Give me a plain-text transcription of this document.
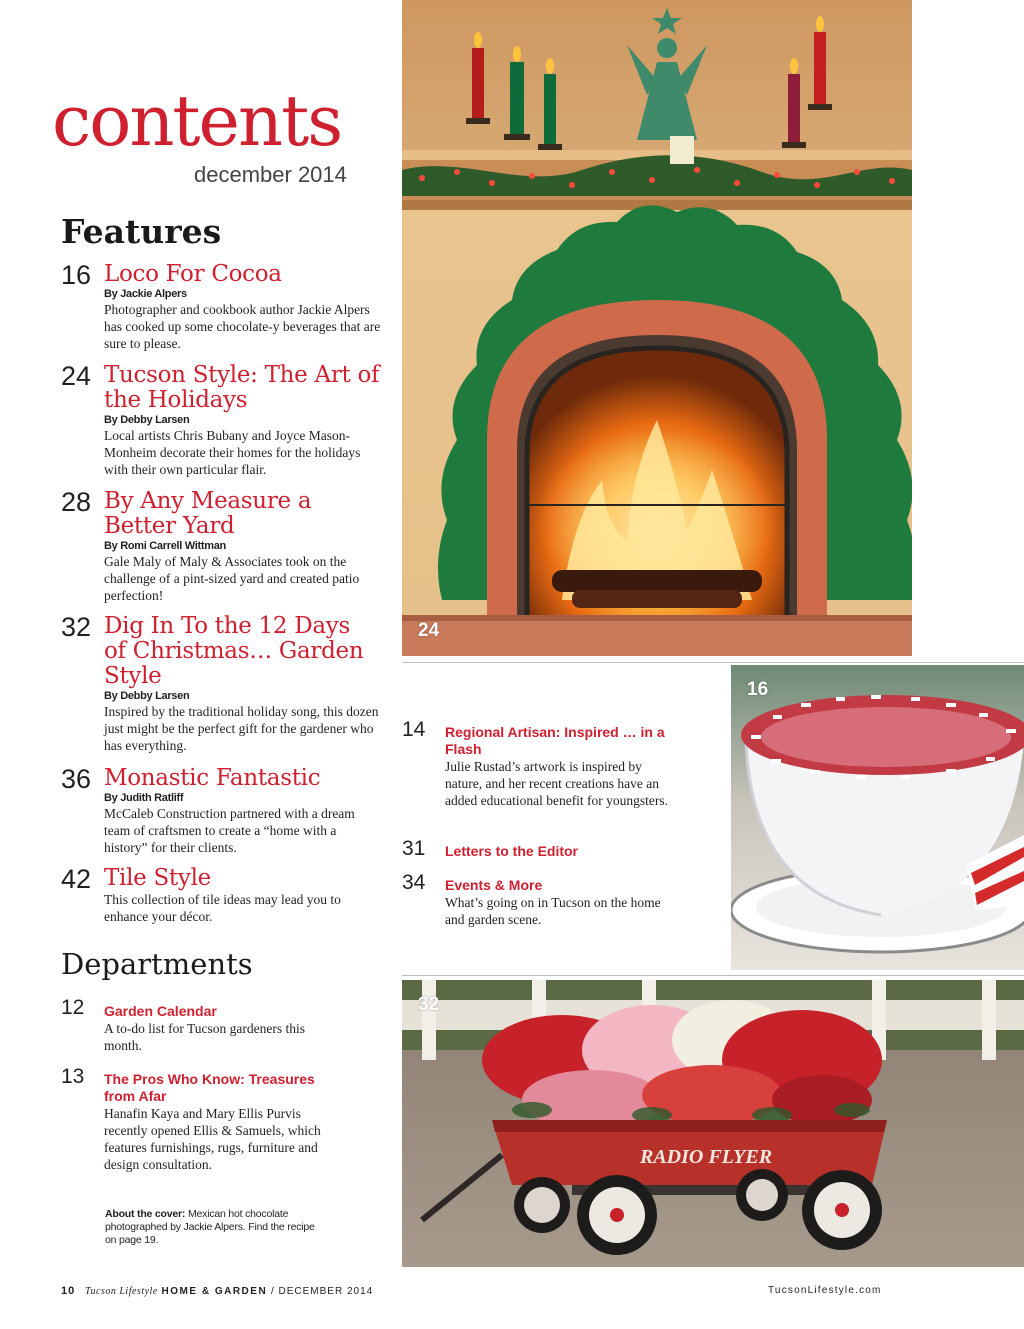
contents
december 2014
Features
16 Loco For Cocoa
By Jackie Alpers
Photographer and cookbook author Jackie Alpers has cooked up some chocolate-y beverages that are sure to please.
24 Tucson Style: The Art of the Holidays
By Debby Larsen
Local artists Chris Bubany and Joyce Mason-Monheim decorate their homes for the holidays with their own particular flair.
28 By Any Measure a Better Yard
By Romi Carrell Wittman
Gale Maly of Maly & Associates took on the challenge of a pint-sized yard and created patio perfection!
32 Dig In To the 12 Days of Christmas… Garden Style
By Debby Larsen
Inspired by the traditional holiday song, this dozen just might be the perfect gift for the gardener who has everything.
36 Monastic Fantastic
By Judith Ratliff
McCaleb Construction partnered with a dream team of craftsmen to create a “home with a history” for their clients.
42 Tile Style
This collection of tile ideas may lead you to enhance your décor.
Departments
12 Garden Calendar
A to-do list for Tucson gardeners this month.
13 The Pros Who Know: Treasures from Afar
Hanafin Kaya and Mary Ellis Purvis recently opened Ellis & Samuels, which features furnishings, rugs, furniture and design consultation.
14 Regional Artisan: Inspired … in a Flash
Julie Rustad’s artwork is inspired by nature, and her recent creations have an added educational benefit for youngsters.
31 Letters to the Editor
34 Events & More
What’s going on in Tucson on the home and garden scene.
About the cover: Mexican hot chocolate photographed by Jackie Alpers. Find the recipe on page 19.
24
16
RADIO FLYER
32
10 Tucson Lifestyle HOME & GARDEN / DECEMBER 2014	TucsonLifestyle.com
